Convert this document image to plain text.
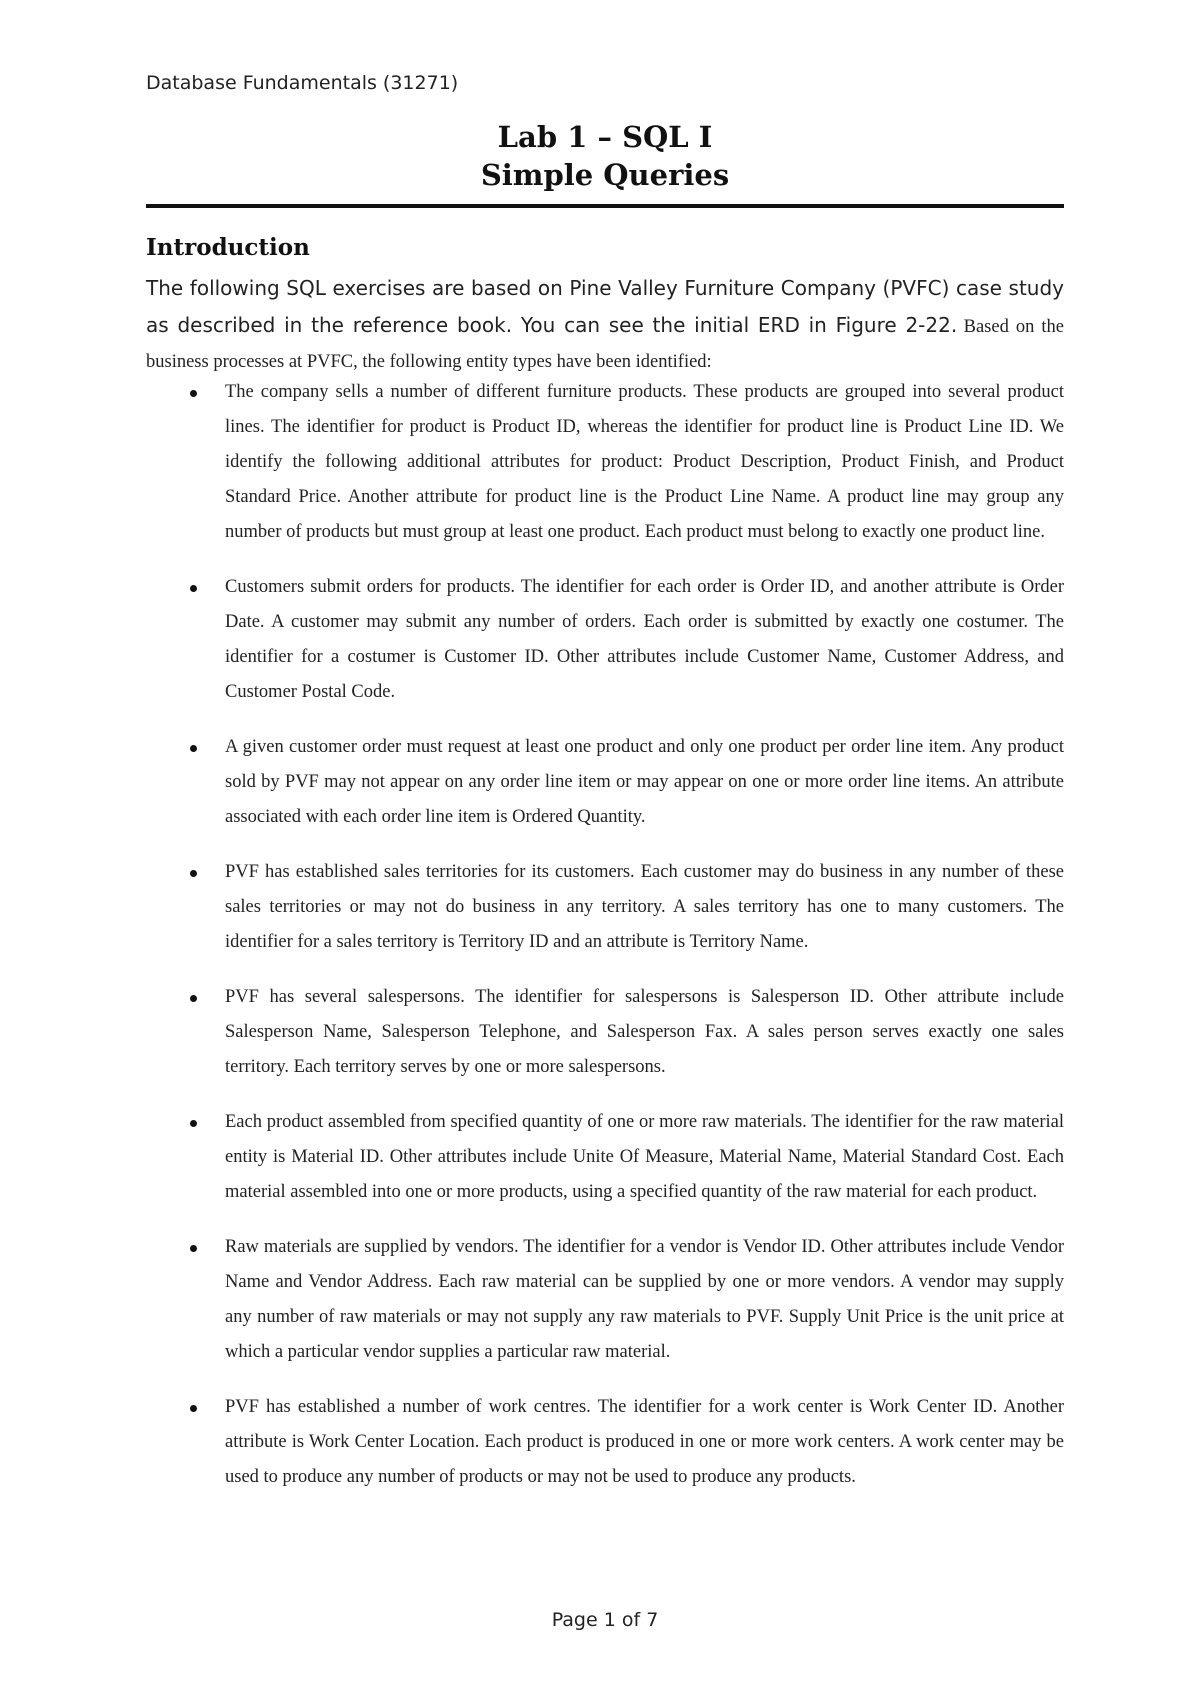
Database Fundamentals (31271)
Lab 1 – SQL I
Simple Queries
Introduction
The following SQL exercises are based on Pine Valley Furniture Company (PVFC) case study as described in the reference book. You can see the initial ERD in Figure 2-22. Based on the business processes at PVFC, the following entity types have been identified:
The company sells a number of different furniture products. These products are grouped into several product lines. The identifier for product is Product ID, whereas the identifier for product line is Product Line ID. We identify the following additional attributes for product: Product Description, Product Finish, and Product Standard Price. Another attribute for product line is the Product Line Name. A product line may group any number of products but must group at least one product. Each product must belong to exactly one product line.
Customers submit orders for products. The identifier for each order is Order ID, and another attribute is Order Date. A customer may submit any number of orders. Each order is submitted by exactly one costumer. The identifier for a costumer is Customer ID. Other attributes include Customer Name, Customer Address, and Customer Postal Code.
A given customer order must request at least one product and only one product per order line item. Any product sold by PVF may not appear on any order line item or may appear on one or more order line items. An attribute associated with each order line item is Ordered Quantity.
PVF has established sales territories for its customers. Each customer may do business in any number of these sales territories or may not do business in any territory. A sales territory has one to many customers. The identifier for a sales territory is Territory ID and an attribute is Territory Name.
PVF has several salespersons. The identifier for salespersons is Salesperson ID. Other attribute include Salesperson Name, Salesperson Telephone, and Salesperson Fax. A sales person serves exactly one sales territory. Each territory serves by one or more salespersons.
Each product assembled from specified quantity of one or more raw materials. The identifier for the raw material entity is Material ID. Other attributes include Unite Of Measure, Material Name, Material Standard Cost. Each material assembled into one or more products, using a specified quantity of the raw material for each product.
Raw materials are supplied by vendors. The identifier for a vendor is Vendor ID. Other attributes include Vendor Name and Vendor Address. Each raw material can be supplied by one or more vendors. A vendor may supply any number of raw materials or may not supply any raw materials to PVF. Supply Unit Price is the unit price at which a particular vendor supplies a particular raw material.
PVF has established a number of work centres. The identifier for a work center is Work Center ID. Another attribute is Work Center Location. Each product is produced in one or more work centers. A work center may be used to produce any number of products or may not be used to produce any products.
Page 1 of 7
